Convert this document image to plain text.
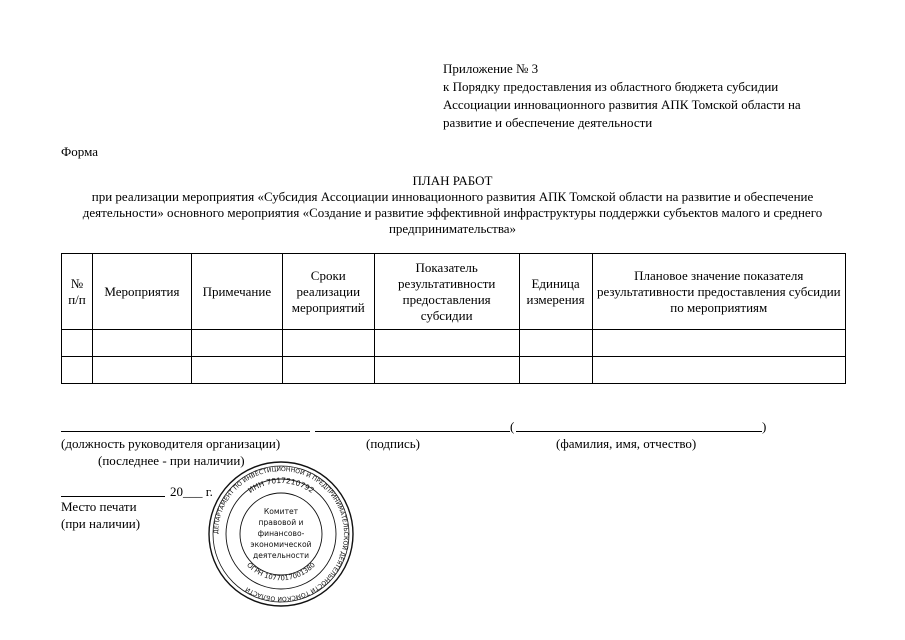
Приложение № 3
к Порядку предоставления из областного бюджета субсидии
Ассоциации инновационного развития АПК Томской области на
развитие и обеспечение деятельности
Форма
ПЛАН РАБОТ
при реализации мероприятия «Субсидия Ассоциации инновационного развития АПК Томской области на развитие и обеспечение деятельности» основного мероприятия «Создание и развитие эффективной инфраструктуры поддержки субъектов малого и среднего предпринимательства»
№ п/п	Мероприятия	Примечание	Сроки реализации мероприятий	Показатель результативности предоставления субсидии	Единица измерения	Плановое значение показателя результативности предоставления субсидии по мероприятиям

(	)
(должность руководителя организации)
(последнее - при наличии)
(подпись)	(фамилия, имя, отчество)
20___ г.
Место печати
(при наличии)
ДЕПАРТАМЕНТ ПО ИНВЕСТИЦИОННОЙ И ПРЕДПРИНИМАТЕЛЬСКОЙ ДЕЯТЕЛЬНОСТИ ТОМСКОЙ ОБЛАСТИ
ИНН 7017210792
ОГРН 1077017001380
Комитет
правовой и
финансово-
экономической
деятельности
